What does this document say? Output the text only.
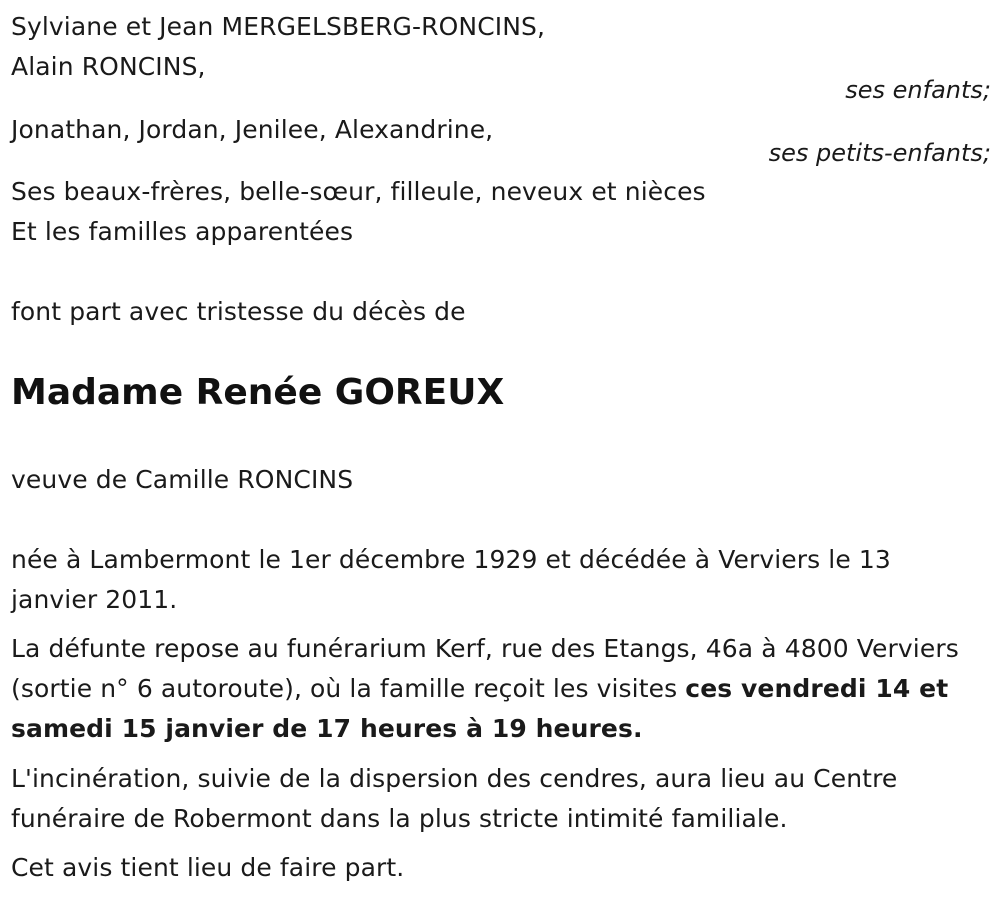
Sylviane et Jean MERGELSBERG-RONCINS,
Alain RONCINS,
ses enfants;
Jonathan, Jordan, Jenilee, Alexandrine,
ses petits-enfants;
Ses beaux-frères, belle-sœur, filleule, neveux et nièces
Et les familles apparentées
font part avec tristesse du décès de
Madame Renée GOREUX
veuve de Camille RONCINS
née à Lambermont le 1er décembre 1929 et décédée à Verviers le 13 janvier 2011.
La défunte repose au funérarium Kerf, rue des Etangs, 46a à 4800 Verviers (sortie n° 6 autoroute), où la famille reçoit les visites ces vendredi 14 et samedi 15 janvier de 17 heures à 19 heures.
L'incinération, suivie de la dispersion des cendres, aura lieu au Centre funéraire de Robermont dans la plus stricte intimité familiale.
Cet avis tient lieu de faire part.
